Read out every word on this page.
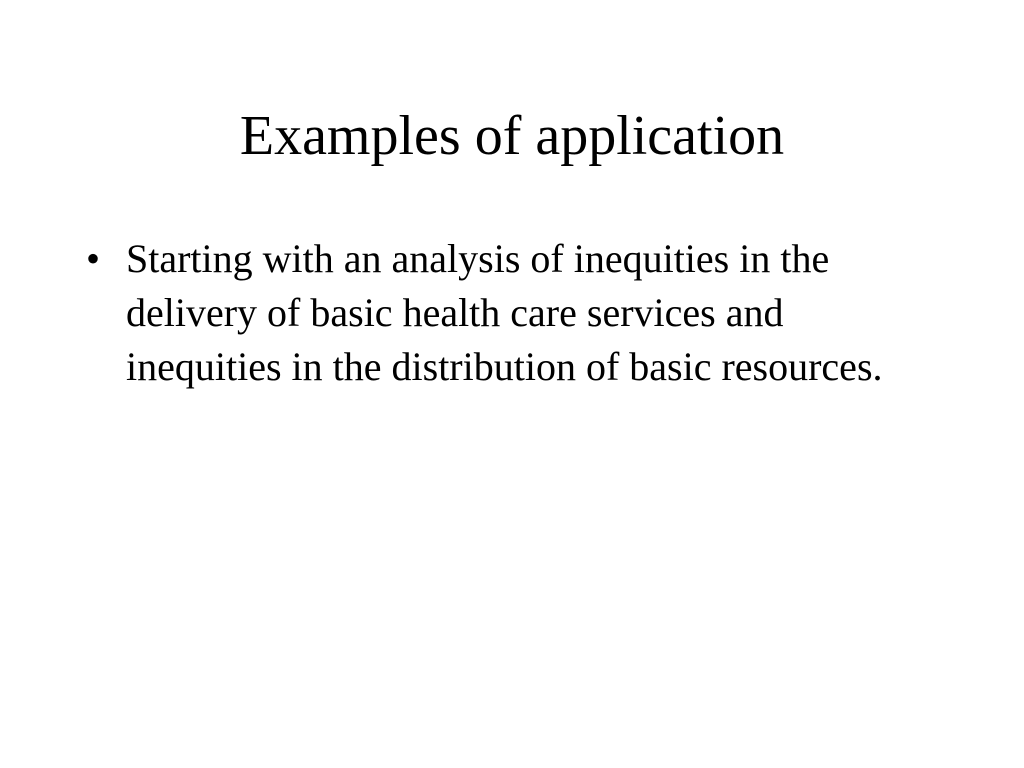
Examples of application
• Starting with an analysis of inequities in the delivery of basic health care services and inequities in the distribution of basic resources.
